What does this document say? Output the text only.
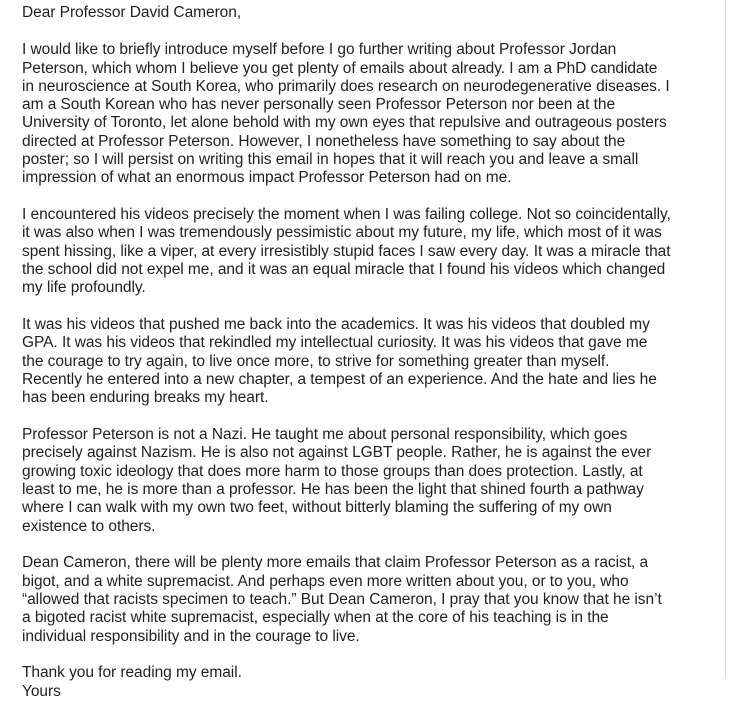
Dear Professor David Cameron,

I would like to briefly introduce myself before I go further writing about Professor Jordan
Peterson, which whom I believe you get plenty of emails about already. I am a PhD candidate
in neuroscience at South Korea, who primarily does research on neurodegenerative diseases. I
am a South Korean who has never personally seen Professor Peterson nor been at the
University of Toronto, let alone behold with my own eyes that repulsive and outrageous posters
directed at Professor Peterson. However, I nonetheless have something to say about the
poster; so I will persist on writing this email in hopes that it will reach you and leave a small
impression of what an enormous impact Professor Peterson had on me.

I encountered his videos precisely the moment when I was failing college. Not so coincidentally,
it was also when I was tremendously pessimistic about my future, my life, which most of it was
spent hissing, like a viper, at every irresistibly stupid faces I saw every day. It was a miracle that
the school did not expel me, and it was an equal miracle that I found his videos which changed
my life profoundly.

It was his videos that pushed me back into the academics. It was his videos that doubled my
GPA. It was his videos that rekindled my intellectual curiosity. It was his videos that gave me
the courage to try again, to live once more, to strive for something greater than myself.
Recently he entered into a new chapter, a tempest of an experience. And the hate and lies he
has been enduring breaks my heart.

Professor Peterson is not a Nazi. He taught me about personal responsibility, which goes
precisely against Nazism. He is also not against LGBT people. Rather, he is against the ever
growing toxic ideology that does more harm to those groups than does protection. Lastly, at
least to me, he is more than a professor. He has been the light that shined fourth a pathway
where I can walk with my own two feet, without bitterly blaming the suffering of my own
existence to others.

Dean Cameron, there will be plenty more emails that claim Professor Peterson as a racist, a
bigot, and a white supremacist. And perhaps even more written about you, or to you, who
“allowed that racists specimen to teach.” But Dean Cameron, I pray that you know that he isn’t
a bigoted racist white supremacist, especially when at the core of his teaching is in the
individual responsibility and in the courage to live.

Thank you for reading my email.

Yours
